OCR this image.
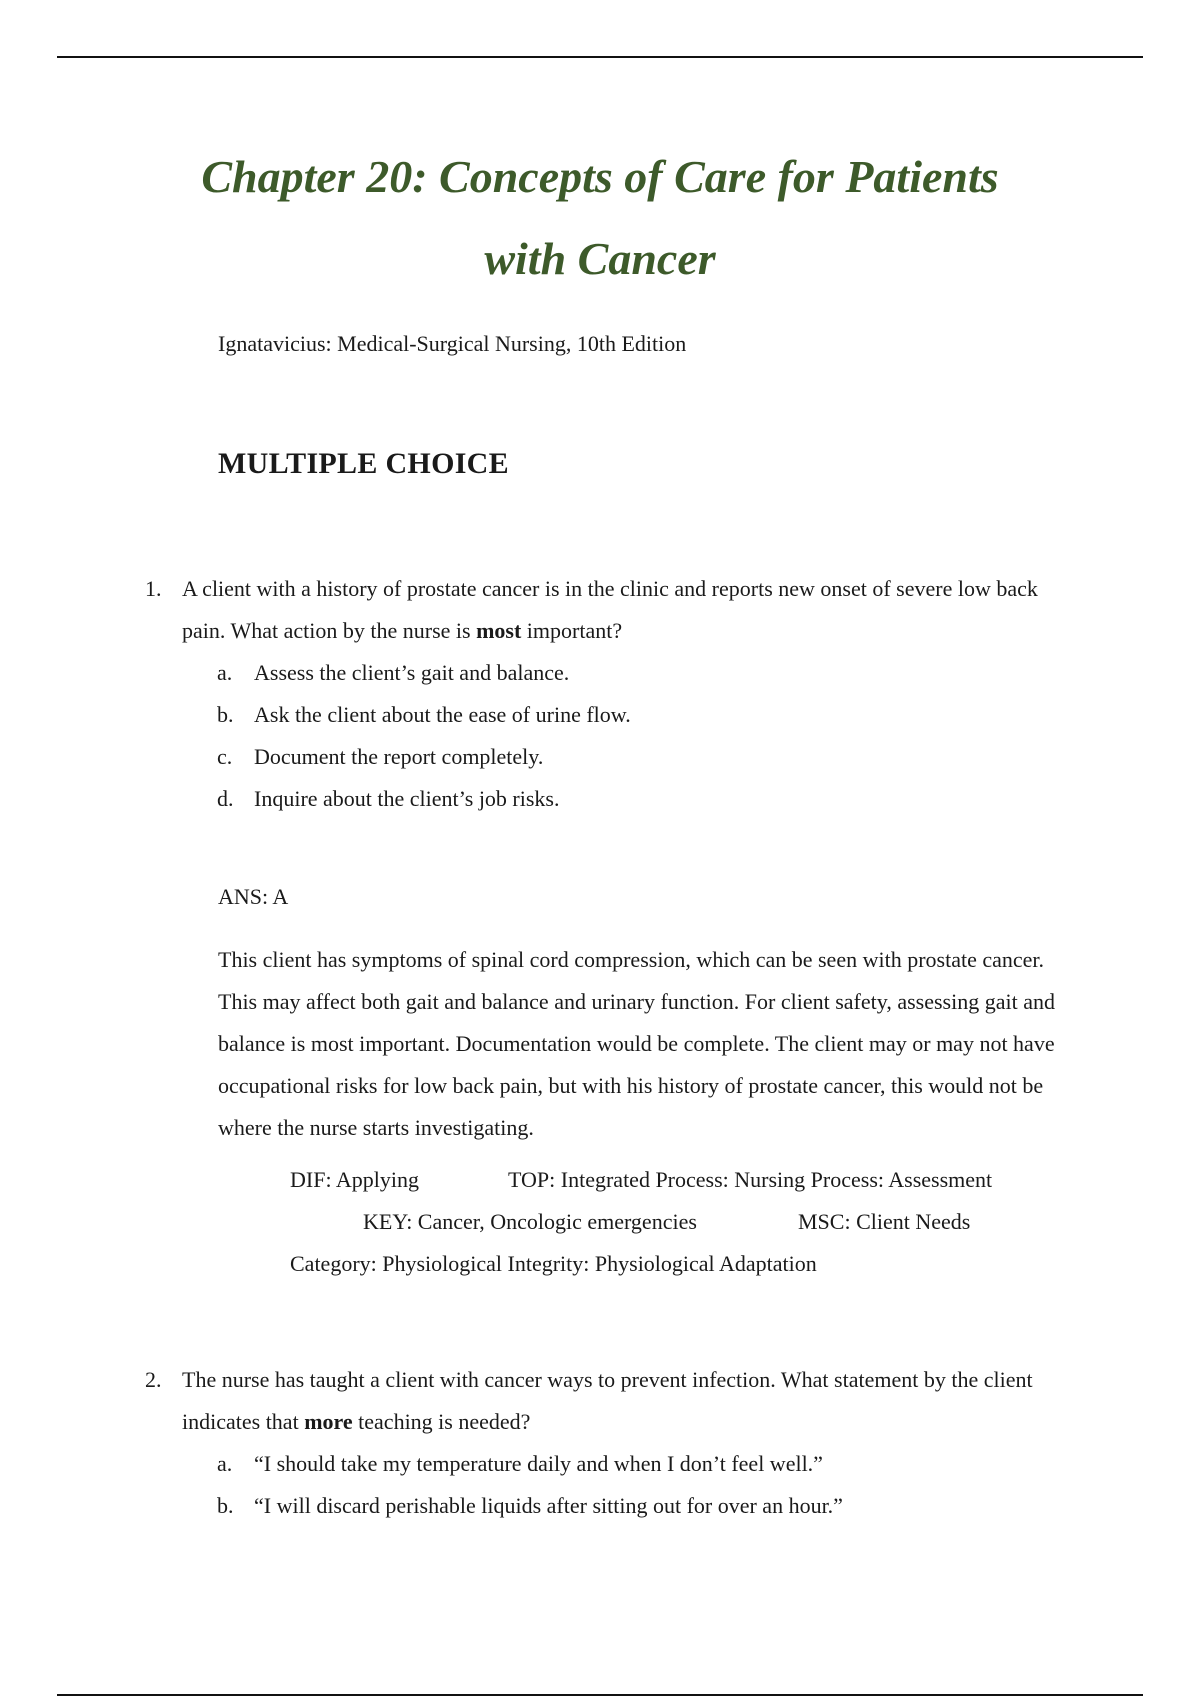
Chapter 20: Concepts of Care for Patients
with Cancer
Ignatavicius: Medical-Surgical Nursing, 10th Edition
MULTIPLE CHOICE
1. A client with a history of prostate cancer is in the clinic and reports new onset of severe low back pain. What action by the nurse is most important?
a. Assess the client’s gait and balance.
b. Ask the client about the ease of urine flow.
c. Document the report completely.
d. Inquire about the client’s job risks.
ANS: A
This client has symptoms of spinal cord compression, which can be seen with prostate cancer. This may affect both gait and balance and urinary function. For client safety, assessing gait and balance is most important. Documentation would be complete. The client may or may not have occupational risks for low back pain, but with his history of prostate cancer, this would not be where the nurse starts investigating.
DIF: Applying	TOP: Integrated Process: Nursing Process: Assessment
KEY: Cancer, Oncologic emergencies	MSC: Client Needs
Category: Physiological Integrity: Physiological Adaptation
2. The nurse has taught a client with cancer ways to prevent infection. What statement by the client indicates that more teaching is needed?
a. “I should take my temperature daily and when I don’t feel well.”
b. “I will discard perishable liquids after sitting out for over an hour.”
